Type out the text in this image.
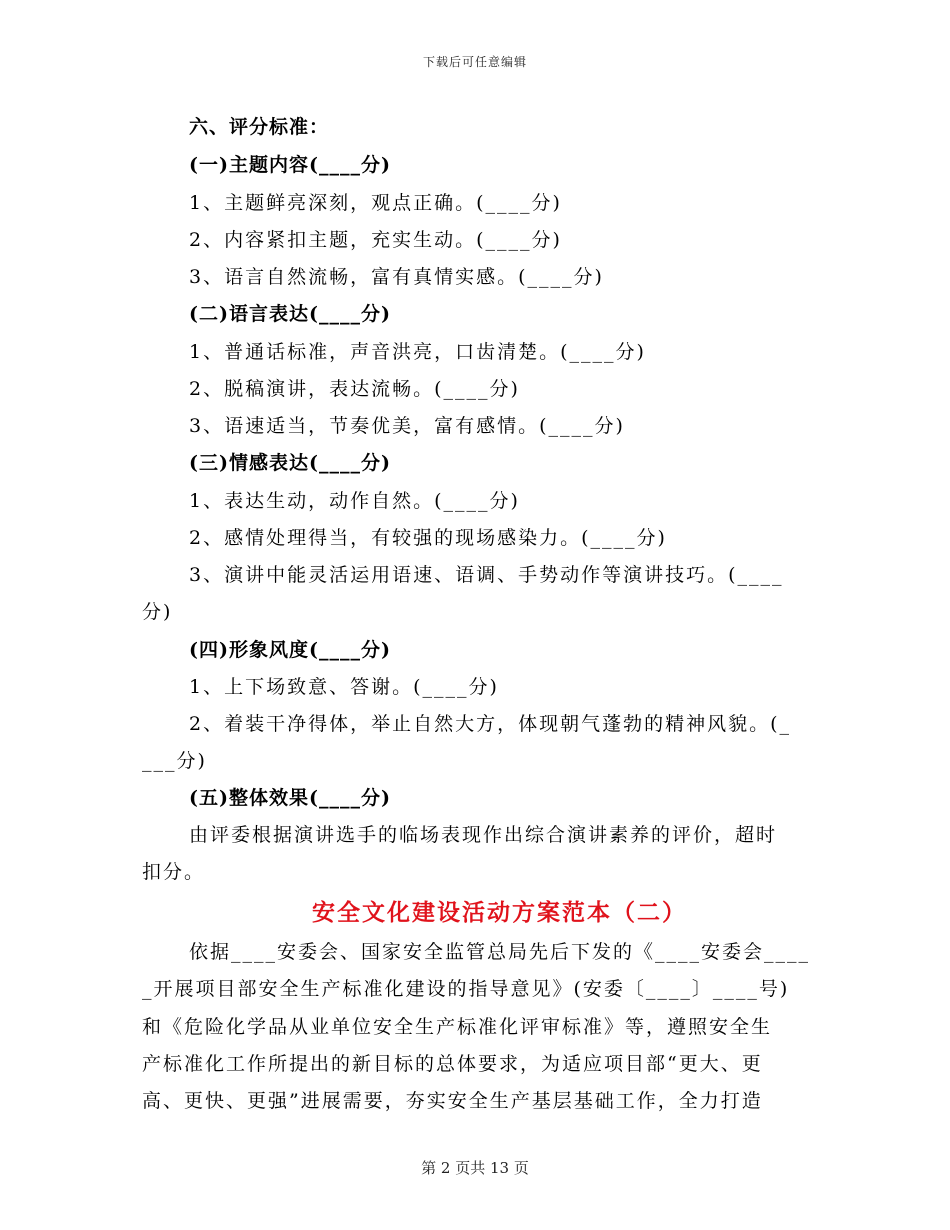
下载后可任意编辑
六、评分标准：
(一)主题内容(____分)
1、主题鲜亮深刻，观点正确。(____分)
2、内容紧扣主题，充实生动。(____分)
3、语言自然流畅，富有真情实感。(____分)
(二)语言表达(____分)
1、普通话标准，声音洪亮，口齿清楚。(____分)
2、脱稿演讲，表达流畅。(____分)
3、语速适当，节奏优美，富有感情。(____分)
(三)情感表达(____分)
1、表达生动，动作自然。(____分)
2、感情处理得当，有较强的现场感染力。(____分)
3、演讲中能灵活运用语速、语调、手势动作等演讲技巧。(____
分)
(四)形象风度(____分)
1、上下场致意、答谢。(____分)
2、着装干净得体，举止自然大方，体现朝气蓬勃的精神风貌。(_
___分)
(五)整体效果(____分)
由评委根据演讲选手的临场表现作出综合演讲素养的评价，超时
扣分。
安全文化建设活动方案范本（二）
依据____安委会、国家安全监管总局先后下发的《____安委会____
_开展项目部安全生产标准化建设的指导意见》(安委〔____〕____号)
和《危险化学品从业单位安全生产标准化评审标准》等，遵照安全生
产标准化工作所提出的新目标的总体要求，为适应项目部“更大、更
高、更快、更强”进展需要，夯实安全生产基层基础工作，全力打造
第 2 页共 13 页
